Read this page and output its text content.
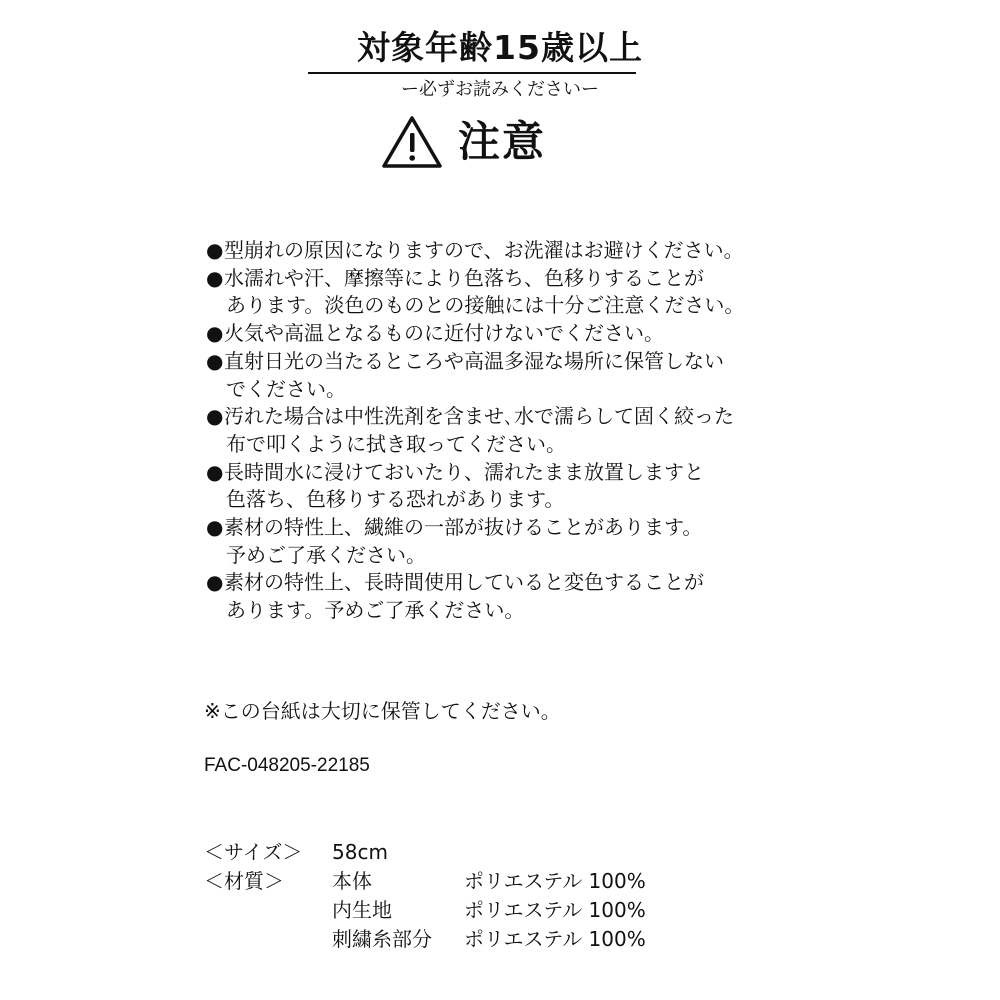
対象年齢15歳以上
ー必ずお読みくださいー
注意
●型崩れの原因になりますので、お洗濯はお避けください。
●水濡れや汗、摩擦等により色落ち、色移りすることが
あります。淡色のものとの接触には十分ご注意ください。
●火気や高温となるものに近付けないでください。
●直射日光の当たるところや高温多湿な場所に保管しない
でください。
●汚れた場合は中性洗剤を含ませ､水で濡らして固く絞った
布で叩くように拭き取ってください。
●長時間水に浸けておいたり、濡れたまま放置しますと
色落ち、色移りする恐れがあります。
●素材の特性上、繊維の一部が抜けることがあります。
予めご了承ください。
●素材の特性上、長時間使用していると変色することが
あります。予めご了承ください。
※この台紙は大切に保管してください。
FAC-048205-22185
＜サイズ＞ 58cm
＜材質＞ 本体	ポリエステル 100%
内生地	ポリエステル 100%
刺繍糸部分 ポリエステル 100%
